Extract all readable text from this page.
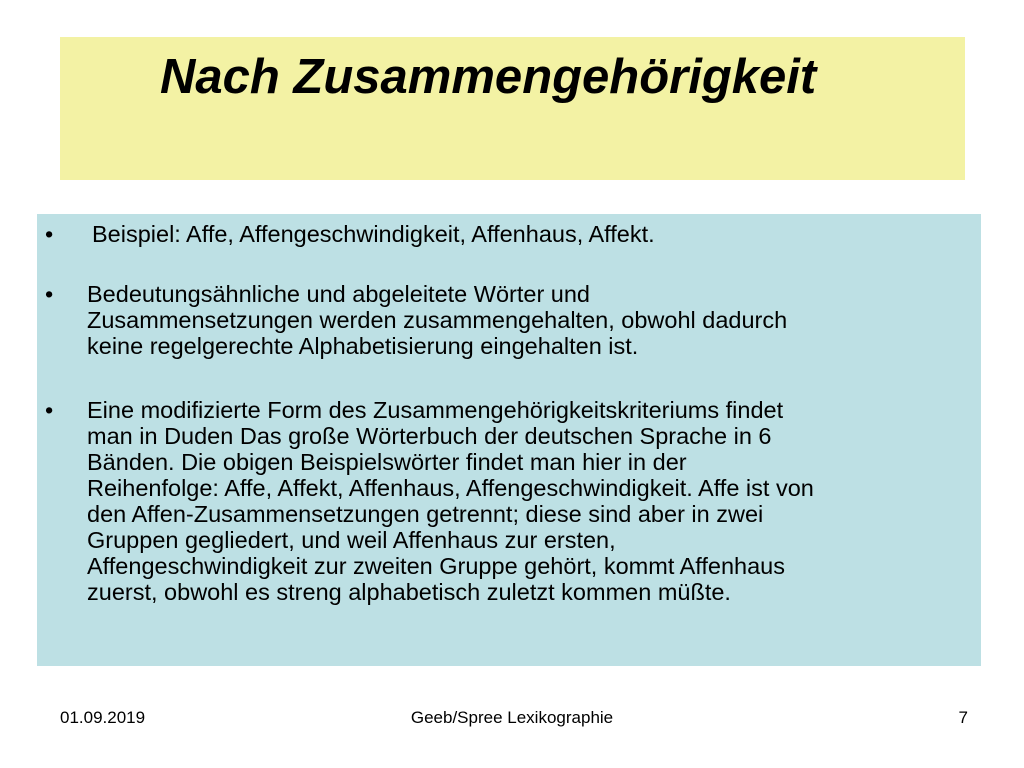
Nach Zusammengehörigkeit
•	Beispiel: Affe, Affengeschwindigkeit, Affenhaus, Affekt.
•	Bedeutungsähnliche und abgeleitete Wörter und
Zusammensetzungen werden zusammengehalten, obwohl dadurch
keine regelgerechte Alphabetisierung eingehalten ist.
•	Eine modifizierte Form des Zusammengehörigkeitskriteriums findet
man in Duden Das große Wörterbuch der deutschen Sprache in 6
Bänden. Die obigen Beispielswörter findet man hier in der
Reihenfolge: Affe, Affekt, Affenhaus, Affengeschwindigkeit. Affe ist von
den Affen-Zusammensetzungen getrennt; diese sind aber in zwei
Gruppen gegliedert, und weil Affenhaus zur ersten,
Affengeschwindigkeit zur zweiten Gruppe gehört, kommt Affenhaus
zuerst, obwohl es streng alphabetisch zuletzt kommen müßte.
01.09.2019	Geeb/Spree Lexikographie	7
